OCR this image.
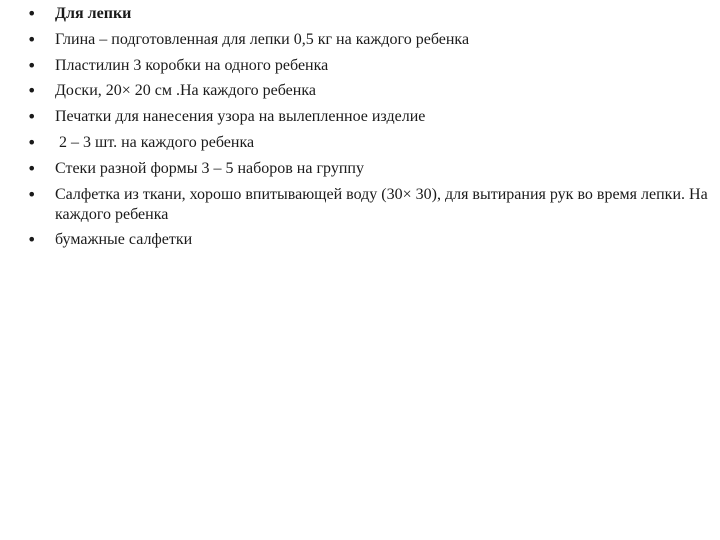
• Для лепки
• Глина – подготовленная для лепки 0,5 кг на каждого ребенка
• Пластилин 3 коробки на одного ребенка
• Доски, 20× 20 см .На каждого ребенка
• Печатки для нанесения узора на вылепленное изделие
• 2 – 3 шт. на каждого ребенка
• Стеки разной формы 3 – 5 наборов на группу
• Салфетка из ткани, хорошо впитывающей воду (30× 30), для вытирания рук во время лепки. На каждого ребенка
• бумажные салфетки
